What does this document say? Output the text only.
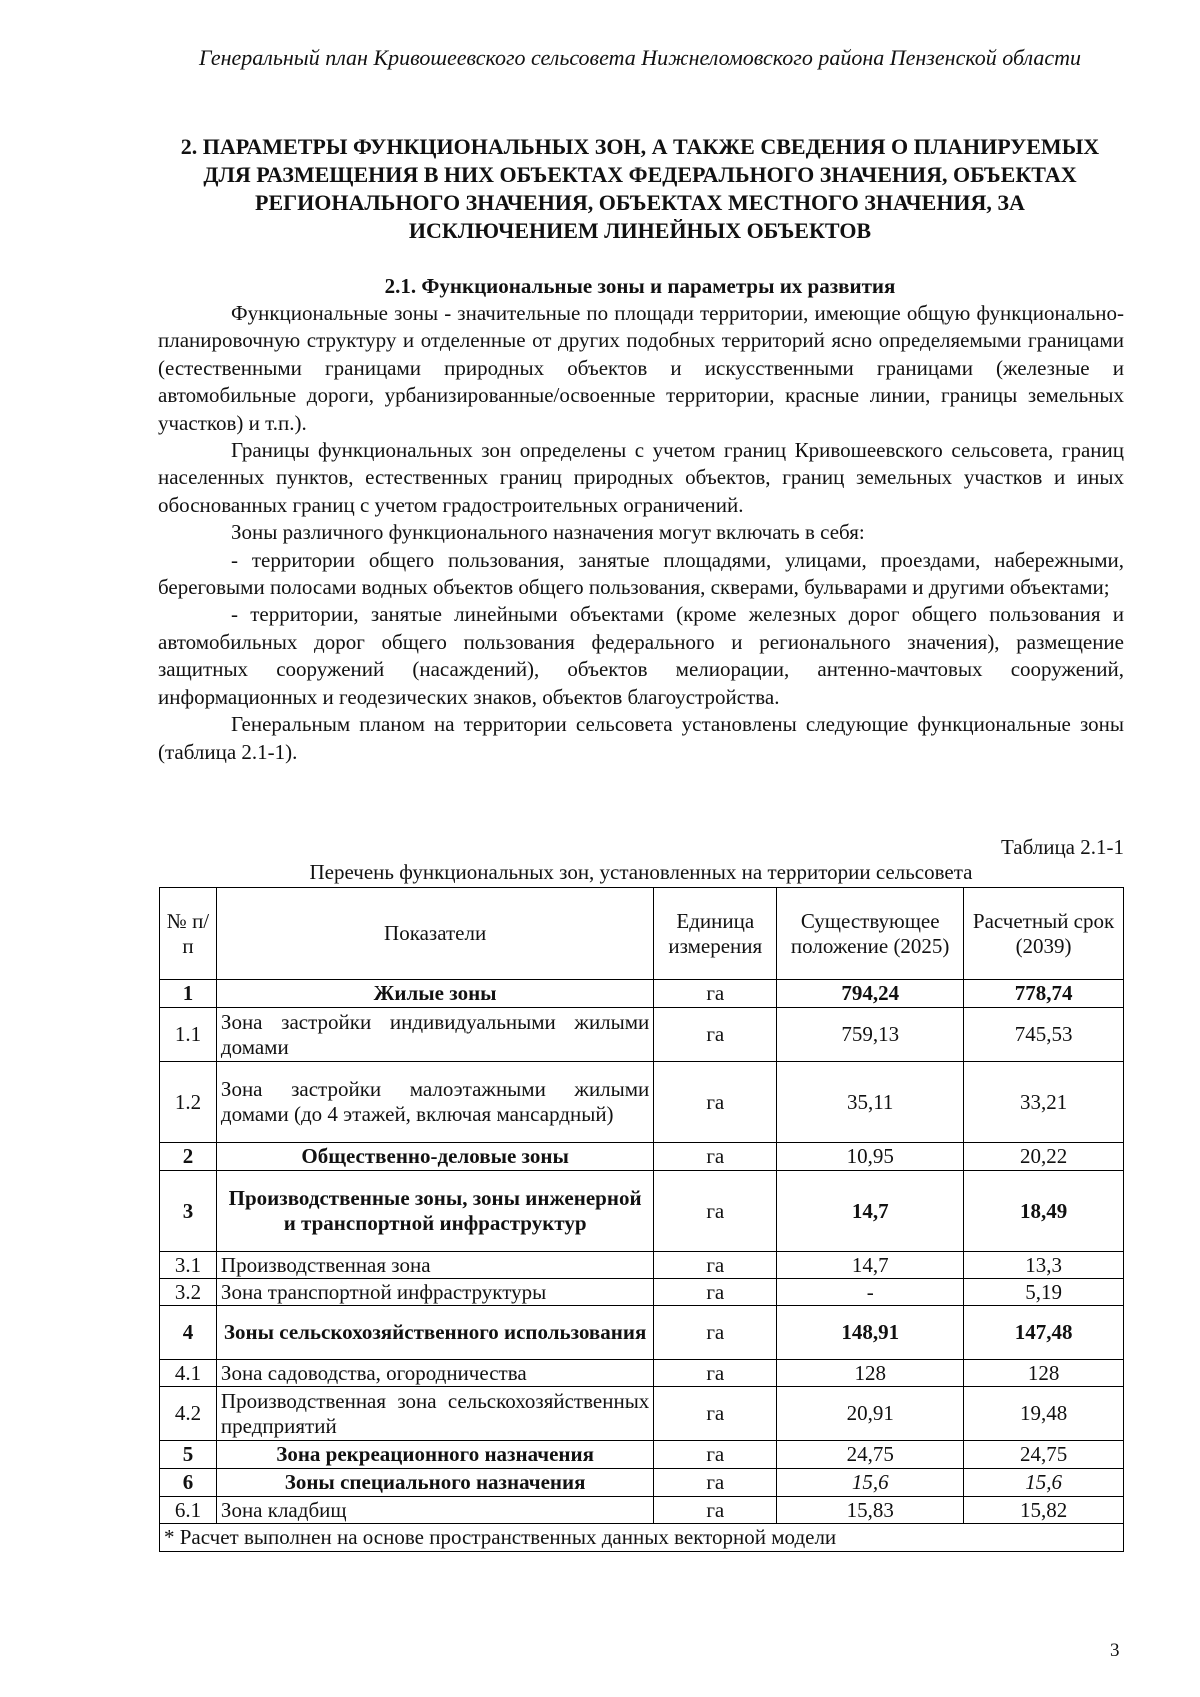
Генеральный план Кривошеевского сельсовета Нижнеломовского района Пензенской области
2. ПАРАМЕТРЫ ФУНКЦИОНАЛЬНЫХ ЗОН, А ТАКЖЕ СВЕДЕНИЯ О ПЛАНИРУЕМЫХ ДЛЯ РАЗМЕЩЕНИЯ В НИХ ОБЪЕКТАХ ФЕДЕРАЛЬНОГО ЗНАЧЕНИЯ, ОБЪЕКТАХ РЕГИОНАЛЬНОГО ЗНАЧЕНИЯ, ОБЪЕКТАХ МЕСТНОГО ЗНАЧЕНИЯ, ЗА ИСКЛЮЧЕНИЕМ ЛИНЕЙНЫХ ОБЪЕКТОВ
2.1. Функциональные зоны и параметры их развития

Функциональные зоны - значительные по площади территории, имеющие общую функционально-планировочную структуру и отделенные от других подобных территорий ясно определяемыми границами (естественными границами природных объектов и искусственными границами (железные и автомобильные дороги, урбанизированные/освоенные территории, красные линии, границы земельных участков) и т.п.).

Границы функциональных зон определены с учетом границ Кривошеевского сельсовета, границ населенных пунктов, естественных границ природных объектов, границ земельных участков и иных обоснованных границ с учетом градостроительных ограничений.

Зоны различного функционального назначения могут включать в себя:

- территории общего пользования, занятые площадями, улицами, проездами, набережными, береговыми полосами водных объектов общего пользования, скверами, бульварами и другими объектами;

- территории, занятые линейными объектами (кроме железных дорог общего пользования и автомобильных дорог общего пользования федерального и регионального значения), размещение защитных сооружений (насаждений), объектов мелиорации, антенно-мачтовых сооружений, информационных и геодезических знаков, объектов благоустройства.

Генеральным планом на территории сельсовета установлены следующие функциональные зоны (таблица 2.1-1).

Таблица 2.1-1
Перечень функциональных зон, установленных на территории сельсовета
№ п/п	Показатели	Единица измерения	Существующее положение (2025)	Расчетный срок (2039)
1	Жилые зоны	га	794,24	778,74
1.1	Зона застройки индивидуальными жилыми домами	га	759,13	745,53
1.2	Зона застройки малоэтажными жилыми домами (до 4 этажей, включая мансардный)	га	35,11	33,21
2	Общественно-деловые зоны	га	10,95	20,22
3	Производственные зоны, зоны инженерной и транспортной инфраструктур	га	14,7	18,49
3.1	Производственная зона	га	14,7	13,3
3.2	Зона транспортной инфраструктуры	га	-	5,19
4	Зоны сельскохозяйственного использования	га	148,91	147,48
4.1	Зона садоводства, огородничества	га	128	128
4.2	Производственная зона сельскохозяйственных предприятий	га	20,91	19,48
5	Зона рекреационного назначения	га	24,75	24,75
6	Зоны специального назначения	га	15,6	15,6
6.1	Зона кладбищ	га	15,83	15,82
* Расчет выполнен на основе пространственных данных векторной модели				
3
